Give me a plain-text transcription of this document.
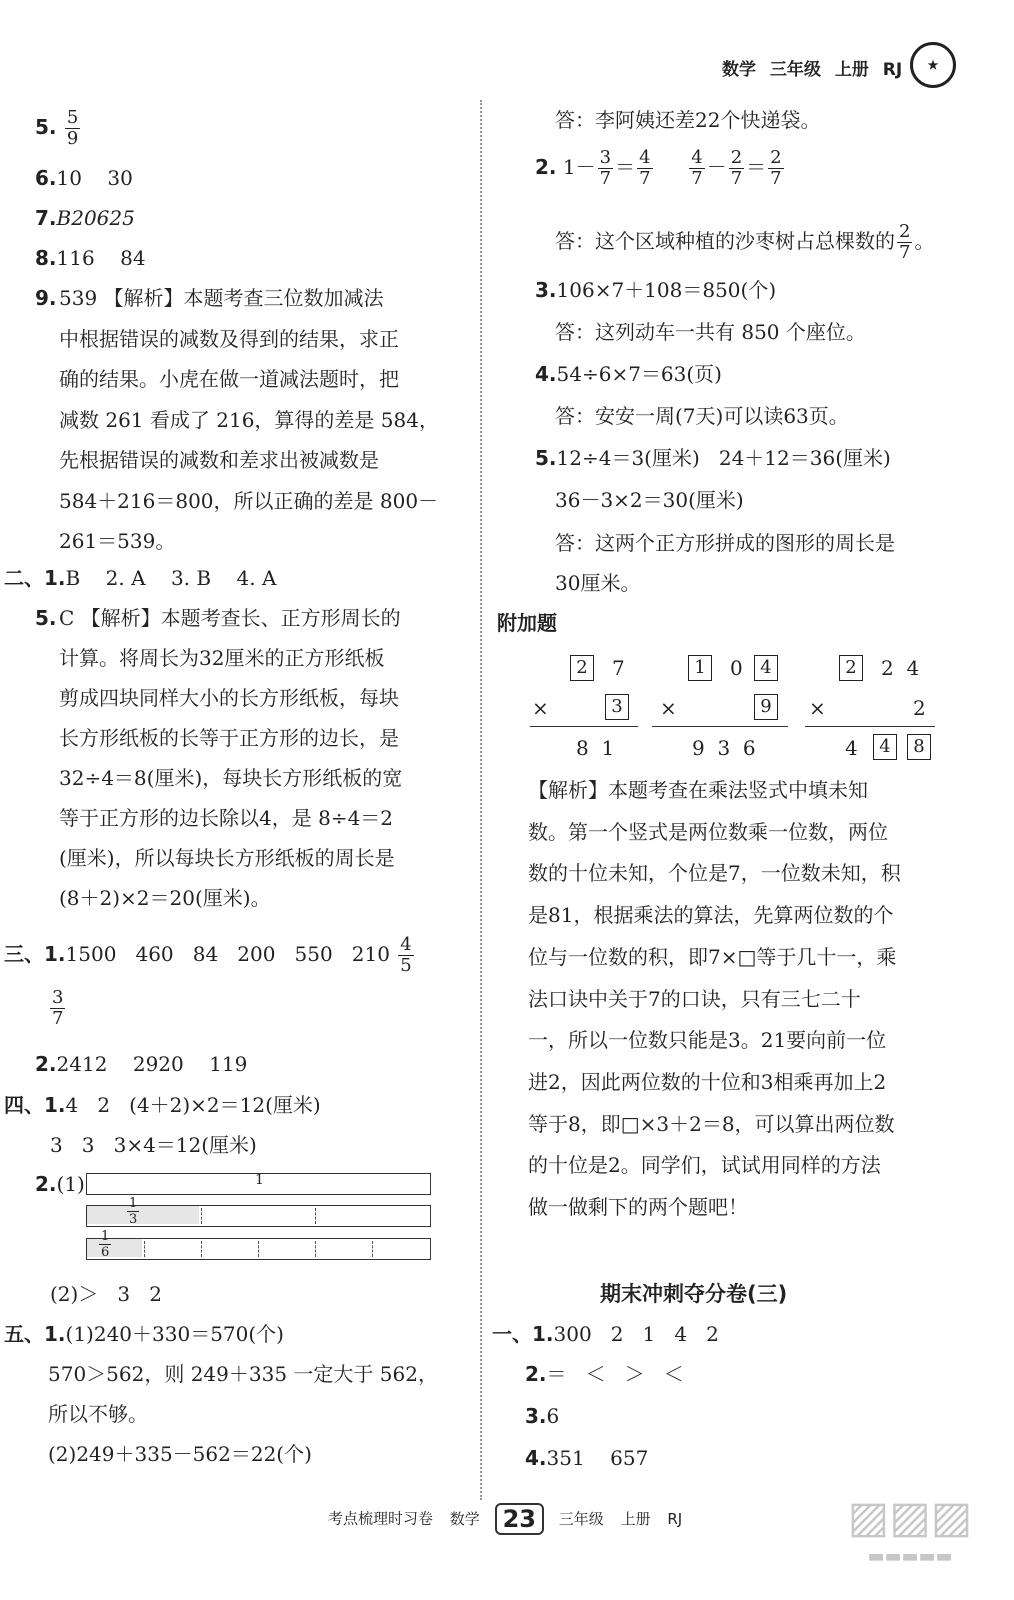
数学 三年级 上册 RJ	★
5. $\frac{5}{9}$
6.10    30
7.B20625
8.116    84
9. 539 【解析】本题考查三位数加减法
中根据错误的减数及得到的结果，求正
确的结果。小虎在做一道减法题时，把
减数 261 看成了 216，算得的差是 584，
先根据错误的减数和差求出被减数是
584＋216＝800，所以正确的差是 800－
261＝539。
二、1.B    2. A    3. B    4. A
5. C 【解析】本题考查长、正方形周长的
计算。将周长为32厘米的正方形纸板
剪成四块同样大小的长方形纸板，每块
长方形纸板的长等于正方形的边长，是
32÷4＝8(厘米)，每块长方形纸板的宽
等于正方形的边长除以4，是 8÷4＝2
(厘米)，所以每块长方形纸板的周长是
(8＋2)×2＝20(厘米)。
三、1.1500   460   84   200   550   $210 \frac{4}{5}$
$\frac{3}{7}$
2.2412    2920    119
四、1.4   2   (4＋2)×2＝12(厘米)
3   3   3×4＝12(厘米)
2.(1)	1
$\frac{1}{3}$
$\frac{1}{6}$
(2)＞   3   2
五、1.(1)240＋330＝570(个)
570＞562，则 249＋335 一定大于 562，
所以不够。
(2)249＋335－562＝22(个)
答：李阿姨还差22个快递袋。
2. $1- \frac{3}{7} = \frac{4}{7}$
$\frac{4}{7} - \frac{2}{7} = \frac{2}{7}$
答：这个区域种植的沙枣树占总棵数的 $\frac{2}{7}$ 。
3.106×7＋108＝850(个)
答：这列动车一共有 850 个座位。
4.54÷6×7＝63(页)
答：安安一周(7天)可以读63页。
5.12÷4＝3(厘米)   24＋12＝36(厘米)
36－3×2＝30(厘米)
答：这两个正方形拼成的图形的周长是
30厘米。
附加题
2	7
×	3
8  1
1	0 4
×	9
9  3  6
2	2  4
×	2
4	4	8
【解析】本题考查在乘法竖式中填未知
数。第一个竖式是两位数乘一位数，两位
数的十位未知，个位是7，一位数未知，积
是81，根据乘法的算法，先算两位数的个
位与一位数的积，即7×□等于几十一，乘
法口诀中关于7的口诀，只有三七二十
一，所以一位数只能是3。21要向前一位
进2，因此两位数的十位和3相乘再加上2
等于8，即□×3＋2＝8，可以算出两位数
的十位是2。同学们，试试用同样的方法
做一做剩下的两个题吧！
期末冲刺夺分卷(三)
一、1.300   2   1   4   2
2.＝   ＜   ＞   ＜
3.6
4.351    657
考点梳理时习卷 数学 23 三年级 上册 RJ	▨▨▨
▬▬▬▬▬
